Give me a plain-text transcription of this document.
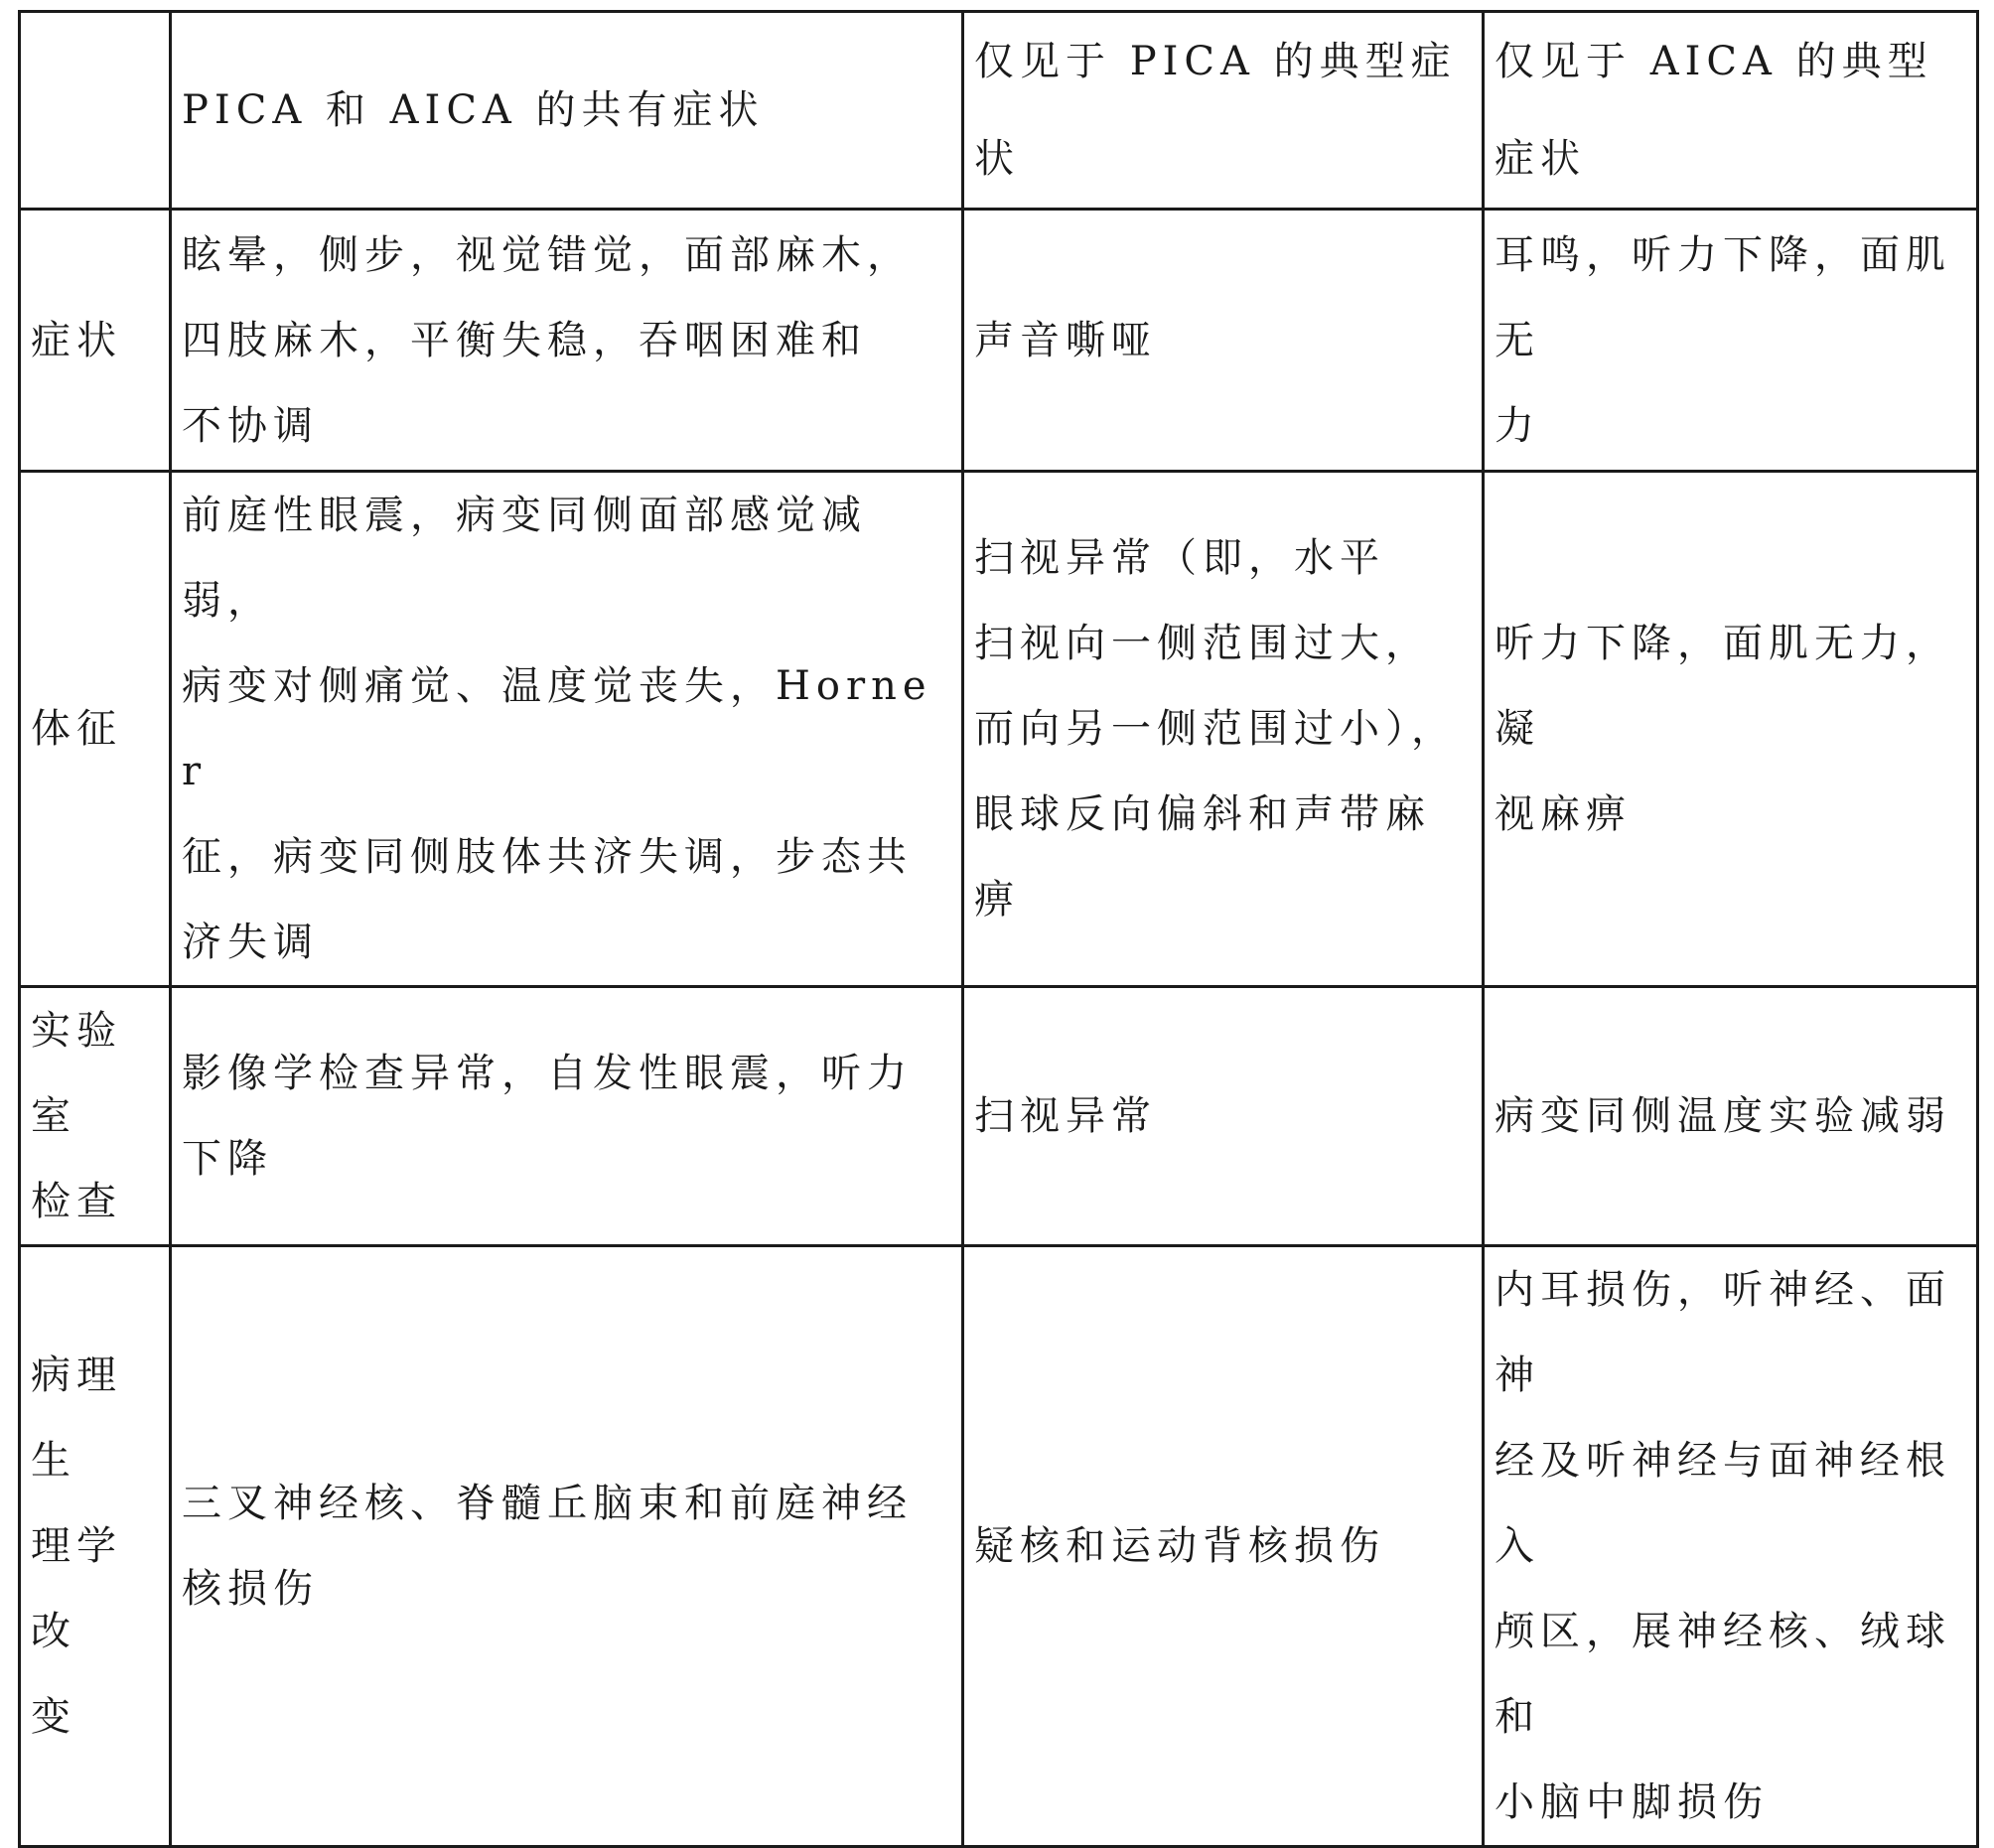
	PICA 和 AICA 的共有症状	仅见于 PICA 的典型症状	仅见于 AICA 的典型症状

症状	眩晕，侧步，视觉错觉，面部麻木，
四肢麻木，平衡失稳，吞咽困难和
不协调	声音嘶哑	耳鸣，听力下降，面肌无
力

体征	前庭性眼震，病变同侧面部感觉减弱，
病变对侧痛觉、温度觉丧失，Horner
征，病变同侧肢体共济失调，步态共
济失调	扫视异常（即，水平
扫视向一侧范围过大，
而向另一侧范围过小），
眼球反向偏斜和声带麻痹	听力下降，面肌无力，凝
视麻痹

实验室
检查	影像学检查异常，自发性眼震，听力
下降	扫视异常	病变同侧温度实验减弱

病理生
理学改
变	三叉神经核、脊髓丘脑束和前庭神经
核损伤	疑核和运动背核损伤	内耳损伤，听神经、面神
经及听神经与面神经根入
颅区，展神经核、绒球和
小脑中脚损伤
